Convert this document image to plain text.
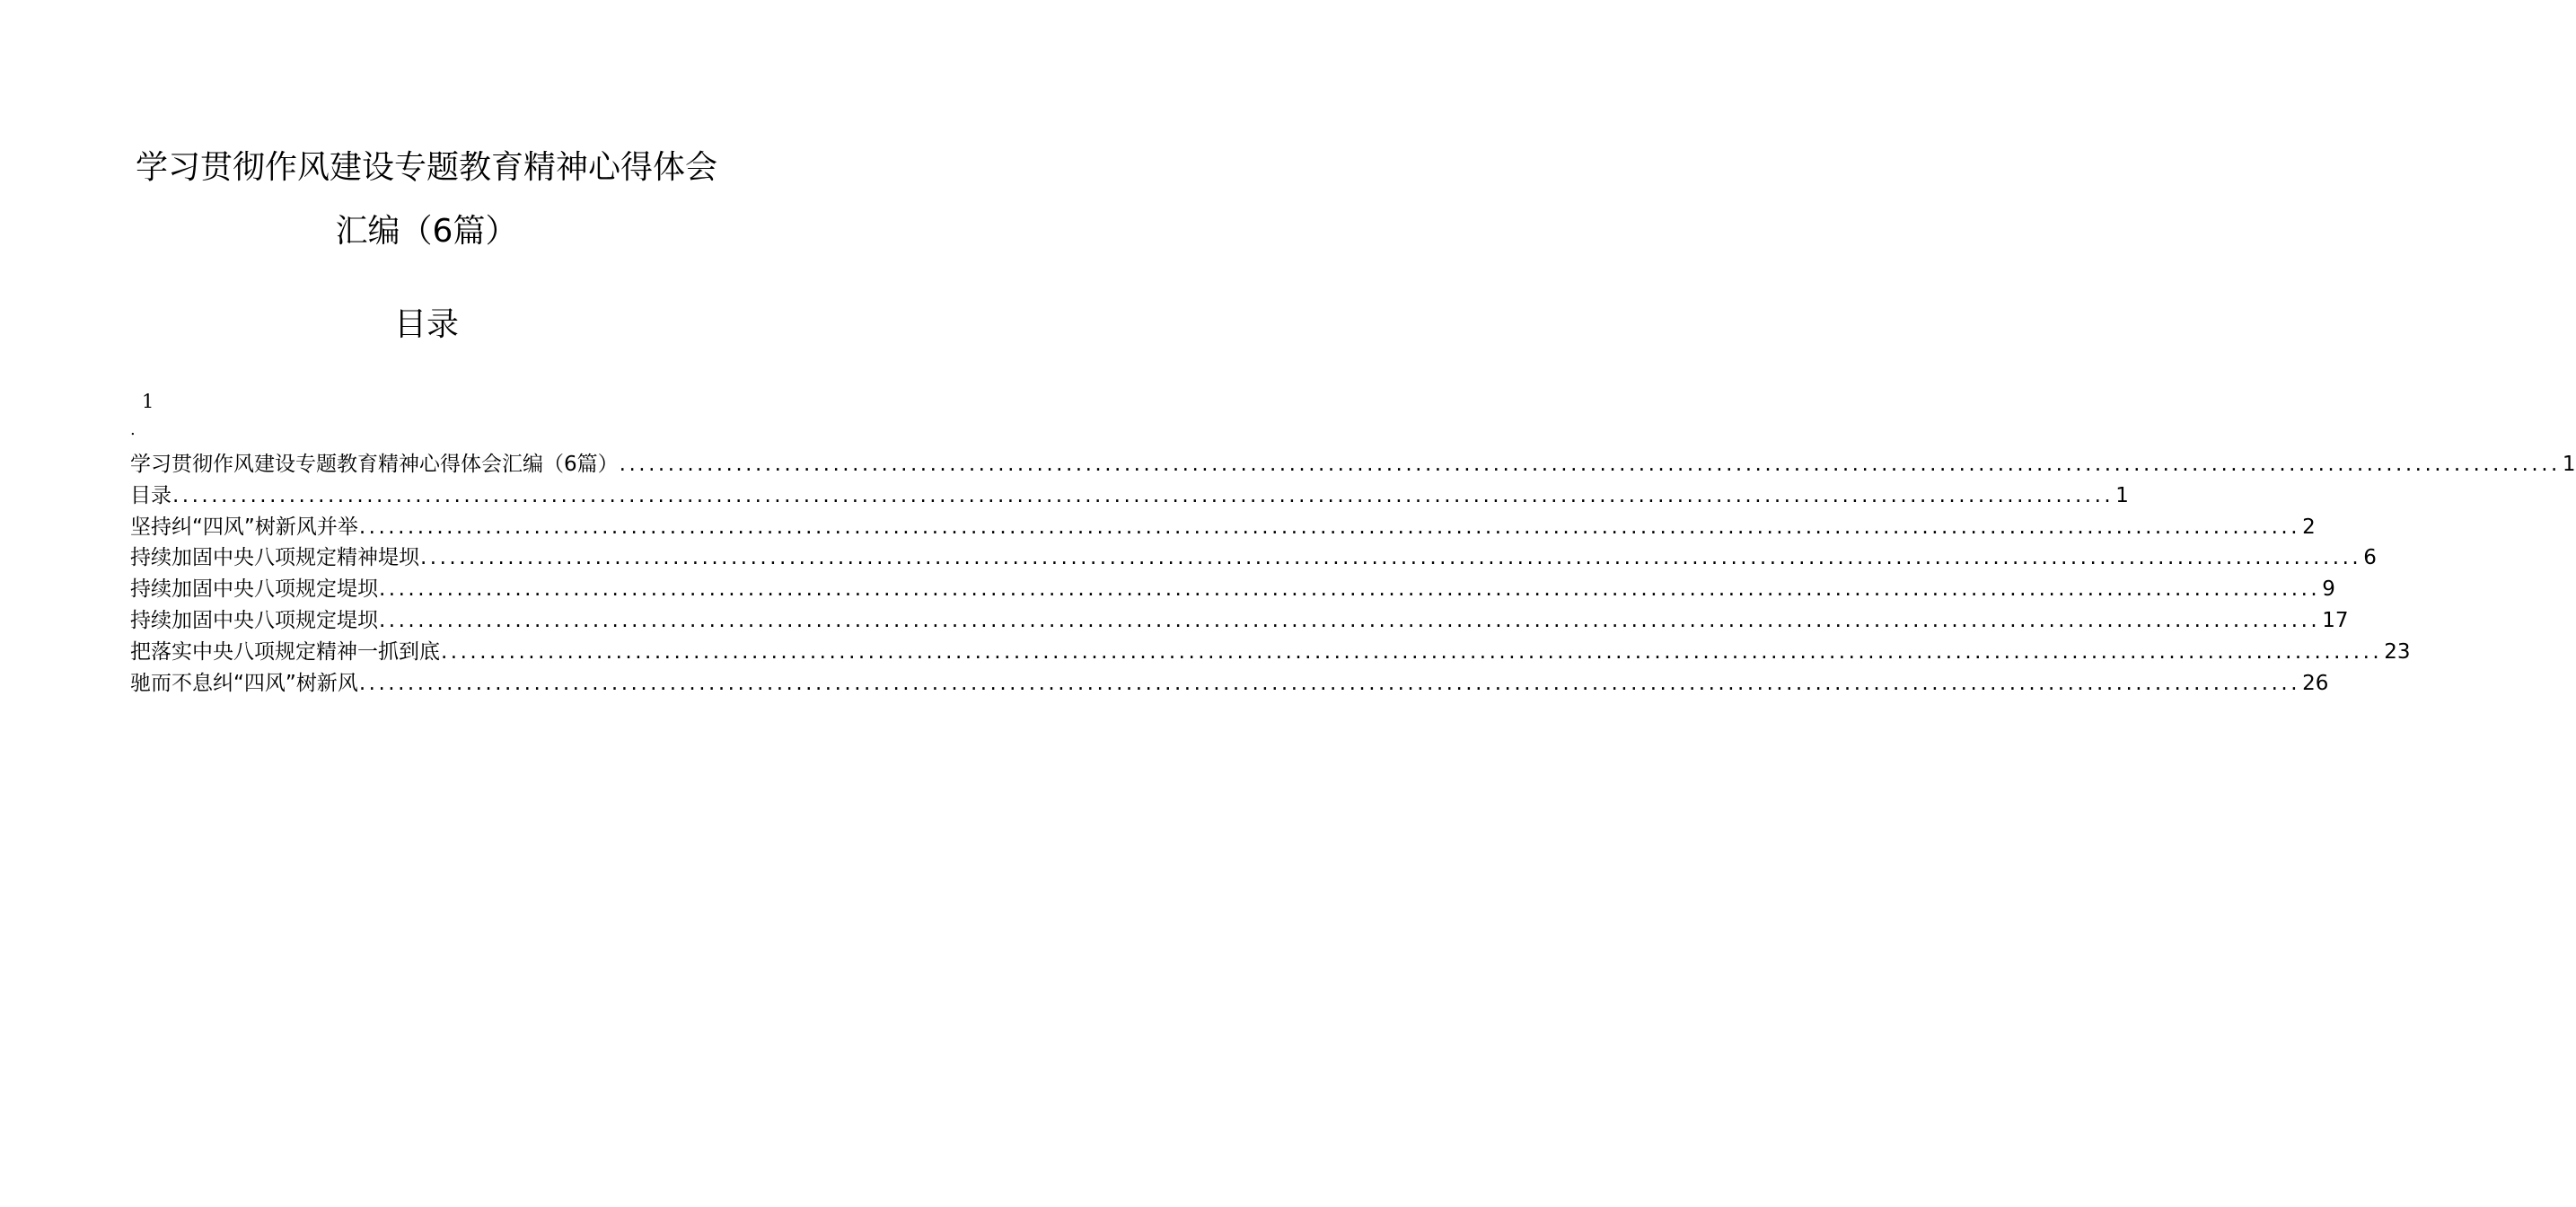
学习贯彻作风建设专题教育精神心得体会
汇编（6篇）
目录
1
.
学习贯彻作风建设专题教育精神心得体会汇编（6篇） ........................................................................................................................................................................................................ 1
目录 ........................................................................................................................................................................................................ 1
坚持纠“四风”树新风并举 ........................................................................................................................................................................................................ 2
持续加固中央八项规定精神堤坝 ........................................................................................................................................................................................................ 6
持续加固中央八项规定堤坝 ........................................................................................................................................................................................................ 9
持续加固中央八项规定堤坝 ........................................................................................................................................................................................................ 17
把落实中央八项规定精神一抓到底 ........................................................................................................................................................................................................ 23
驰而不息纠“四风”树新风 ........................................................................................................................................................................................................ 26
